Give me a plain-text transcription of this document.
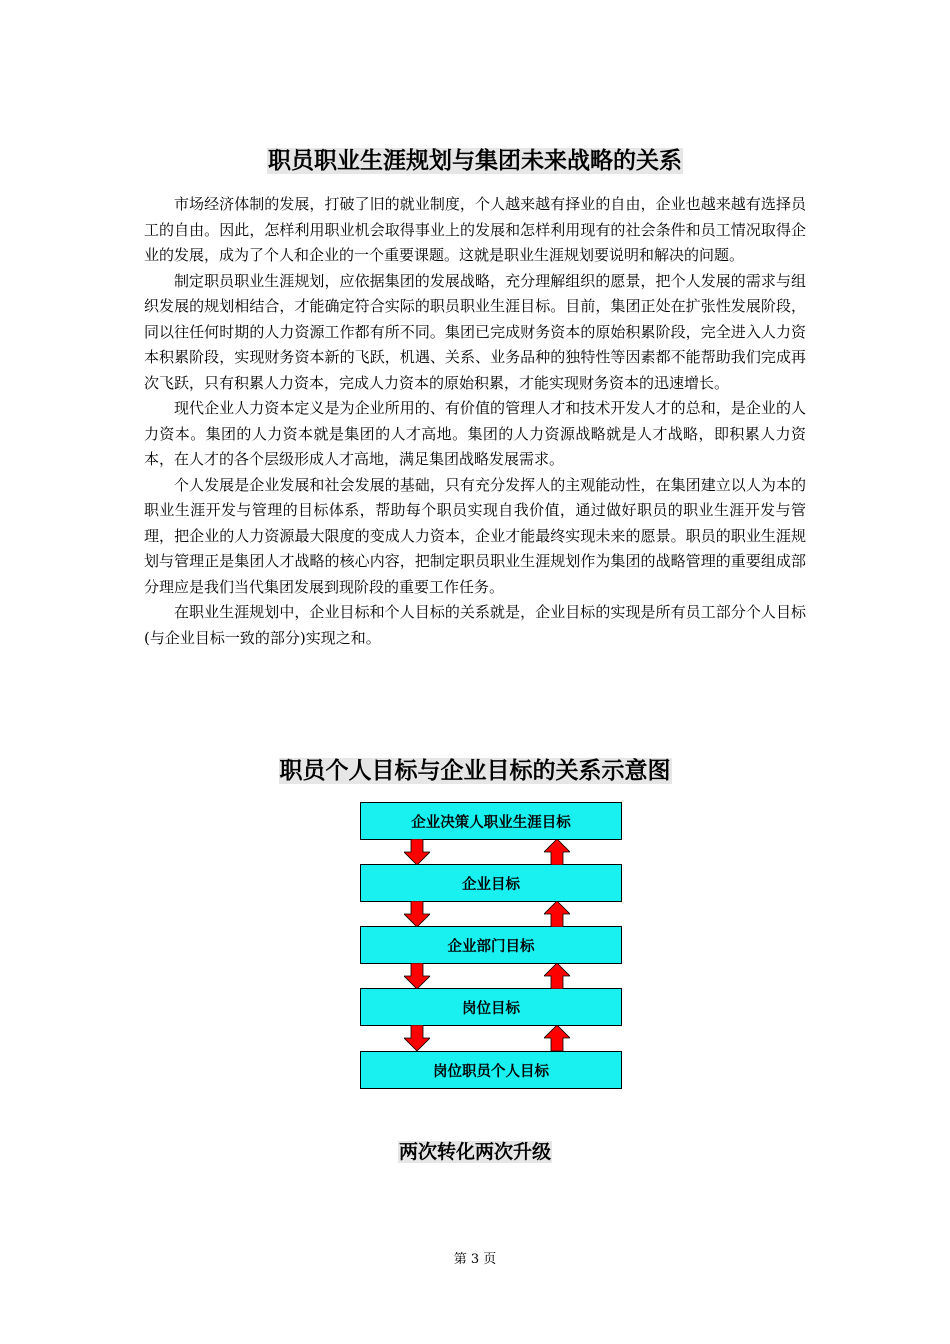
职员职业生涯规划与集团未来战略的关系

市场经济体制的发展，打破了旧的就业制度，个人越来越有择业的自由，企业也越来越有选择员工的自由。因此，怎样利用职业机会取得事业上的发展和怎样利用现有的社会条件和员工情况取得企业的发展，成为了个人和企业的一个重要课题。这就是职业生涯规划要说明和解决的问题。

制定职员职业生涯规划，应依据集团的发展战略，充分理解组织的愿景，把个人发展的需求与组织发展的规划相结合，才能确定符合实际的职员职业生涯目标。目前，集团正处在扩张性发展阶段，同以往任何时期的人力资源工作都有所不同。集团已完成财务资本的原始积累阶段，完全进入人力资本积累阶段，实现财务资本新的飞跃，机遇、关系、业务品种的独特性等因素都不能帮助我们完成再次飞跃，只有积累人力资本，完成人力资本的原始积累，才能实现财务资本的迅速增长。

现代企业人力资本定义是为企业所用的、有价值的管理人才和技术开发人才的总和，是企业的人力资本。集团的人力资本就是集团的人才高地。集团的人力资源战略就是人才战略，即积累人力资本，在人才的各个层级形成人才高地，满足集团战略发展需求。

个人发展是企业发展和社会发展的基础，只有充分发挥人的主观能动性，在集团建立以人为本的职业生涯开发与管理的目标体系，帮助每个职员实现自我价值，通过做好职员的职业生涯开发与管理，把企业的人力资源最大限度的变成人力资本，企业才能最终实现未来的愿景。职员的职业生涯规划与管理正是集团人才战略的核心内容，把制定职员职业生涯规划作为集团的战略管理的重要组成部分理应是我们当代集团发展到现阶段的重要工作任务。

在职业生涯规划中，企业目标和个人目标的关系就是，企业目标的实现是所有员工部分个人目标(与企业目标一致的部分)实现之和。

职员个人目标与企业目标的关系示意图
企业决策人职业生涯目标
企业目标
企业部门目标
岗位目标
岗位职员个人目标
两次转化两次升级
第 3 页
